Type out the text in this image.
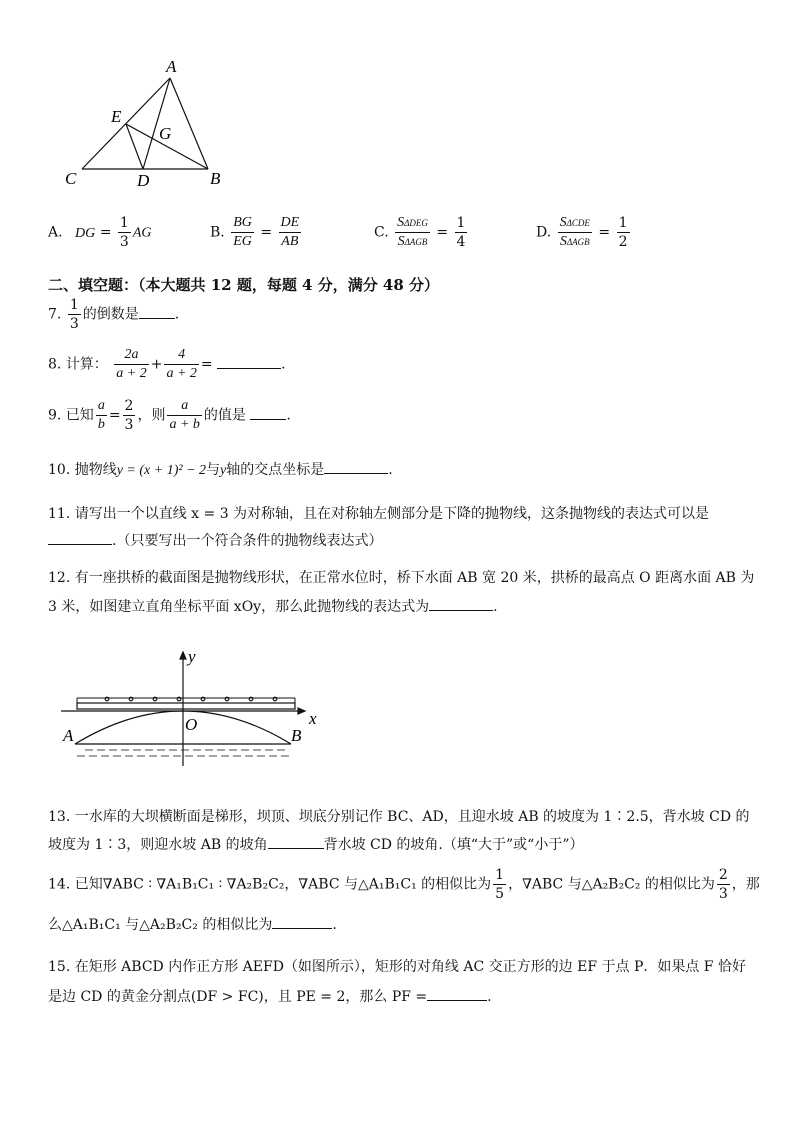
A
E
G
C	D	B
A. DG = $\frac{1}{3}$ AG	B. $\frac{BG}{EG} = \frac{DE}{AB}$	C. $\frac{\text{SΔDEG}}{\text{SΔAGB}} = \frac{1}{4}$	D. $\frac{\text{SΔCDE}}{\text{SΔAGB}} = \frac{1}{2}$
二、填空题：（本大题共 12 题，每题 4 分，满分 48 分）
7. $\frac{1}{3}$ 的倒数是	.
8. 计算： $\frac{2a}{a + 2} + \frac{4}{a + 2}$ =	.
9. 已知 $\frac{a}{b} = \frac{2}{3}$ ，则 $\frac{a}{a + b}$ 的值是	.
10. 抛物线y = (x + 1)² − 2与y轴的交点坐标是	.
11. 请写出一个以直线 x = 3 为对称轴，且在对称轴左侧部分是下降的抛物线，这条抛物线的表达式可以是
.（只要写出一个符合条件的抛物线表达式）
12. 有一座拱桥的截面图是抛物线形状，在正常水位时，桥下水面 AB 宽 20 米，拱桥的最高点 O 距离水面 AB 为
3 米，如图建立直角坐标平面 xOy，那么此抛物线的表达式为	.
y
x
O
A	B
13. 一水库的大坝横断面是梯形，坝顶、坝底分别记作 BC、AD，且迎水坡 AB 的坡度为 1∶2.5，背水坡 CD 的
坡度为 1∶3，则迎水坡 AB 的坡角	背水坡 CD 的坡角.（填“大于”或“小于”）
14. 已知∇ABC ∶ ∇A₁B₁C₁ ∶ ∇A₂B₂C₂，∇ABC 与△A₁B₁C₁ 的相似比为 $\frac{1}{5}$ ，∇ABC 与△A₂B₂C₂ 的相似比为 $\frac{2}{3}$ ，那
么△A₁B₁C₁ 与△A₂B₂C₂ 的相似比为	.
15. 在矩形 ABCD 内作正方形 AEFD（如图所示），矩形的对角线 AC 交正方形的边 EF 于点 P．如果点 F 恰好
是边 CD 的黄金分割点(DF > FC)，且 PE = 2，那么 PF =	.
